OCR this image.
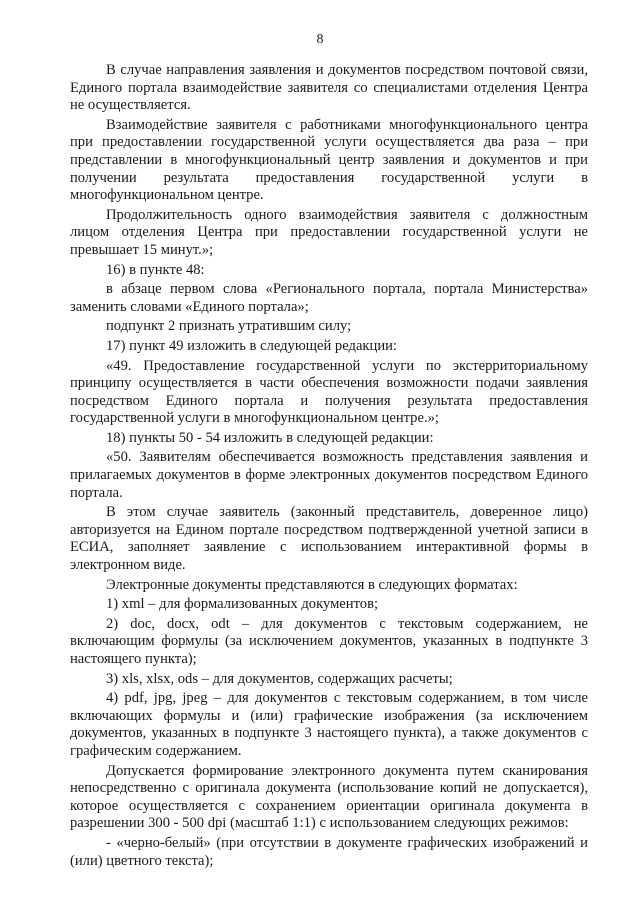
8

В случае направления заявления и документов посредством почтовой связи, Единого портала взаимодействие заявителя со специалистами отделения Центра не осуществляется.

Взаимодействие заявителя с работниками многофункционального центра при предоставлении государственной услуги осуществляется два раза – при представлении в многофункциональный центр заявления и документов и при получении результата предоставления государственной услуги в многофункциональном центре.

Продолжительность одного взаимодействия заявителя с должностным лицом отделения Центра при предоставлении государственной услуги не превышает 15 минут.»;

16) в пункте 48:

в абзаце первом слова «Регионального портала, портала Министерства» заменить словами «Единого портала»;

подпункт 2 признать утратившим силу;

17) пункт 49 изложить в следующей редакции:

«49. Предоставление государственной услуги по экстерриториальному принципу осуществляется в части обеспечения возможности подачи заявления посредством Единого портала и получения результата предоставления государственной услуги в многофункциональном центре.»;

18) пункты 50 - 54 изложить в следующей редакции:

«50. Заявителям обеспечивается возможность представления заявления и прилагаемых документов в форме электронных документов посредством Единого портала.

В этом случае заявитель (законный представитель, доверенное лицо) авторизуется на Едином портале посредством подтвержденной учетной записи в ЕСИА, заполняет заявление с использованием интерактивной формы в электронном виде.

Электронные документы представляются в следующих форматах:

1) xml – для формализованных документов;

2) doc, docx, odt – для документов с текстовым содержанием, не включающим формулы (за исключением документов, указанных в подпункте 3 настоящего пункта);

3) xls, xlsx, ods – для документов, содержащих расчеты;

4) pdf, jpg, jpeg – для документов с текстовым содержанием, в том числе включающих формулы и (или) графические изображения (за исключением документов, указанных в подпункте 3 настоящего пункта), а также документов с графическим содержанием.

Допускается формирование электронного документа путем сканирования непосредственно с оригинала документа (использование копий не допускается), которое осуществляется с сохранением ориентации оригинала документа в разрешении 300 - 500 dpi (масштаб 1:1) с использованием следующих режимов:

- «черно-белый» (при отсутствии в документе графических изображений и (или) цветного текста);
